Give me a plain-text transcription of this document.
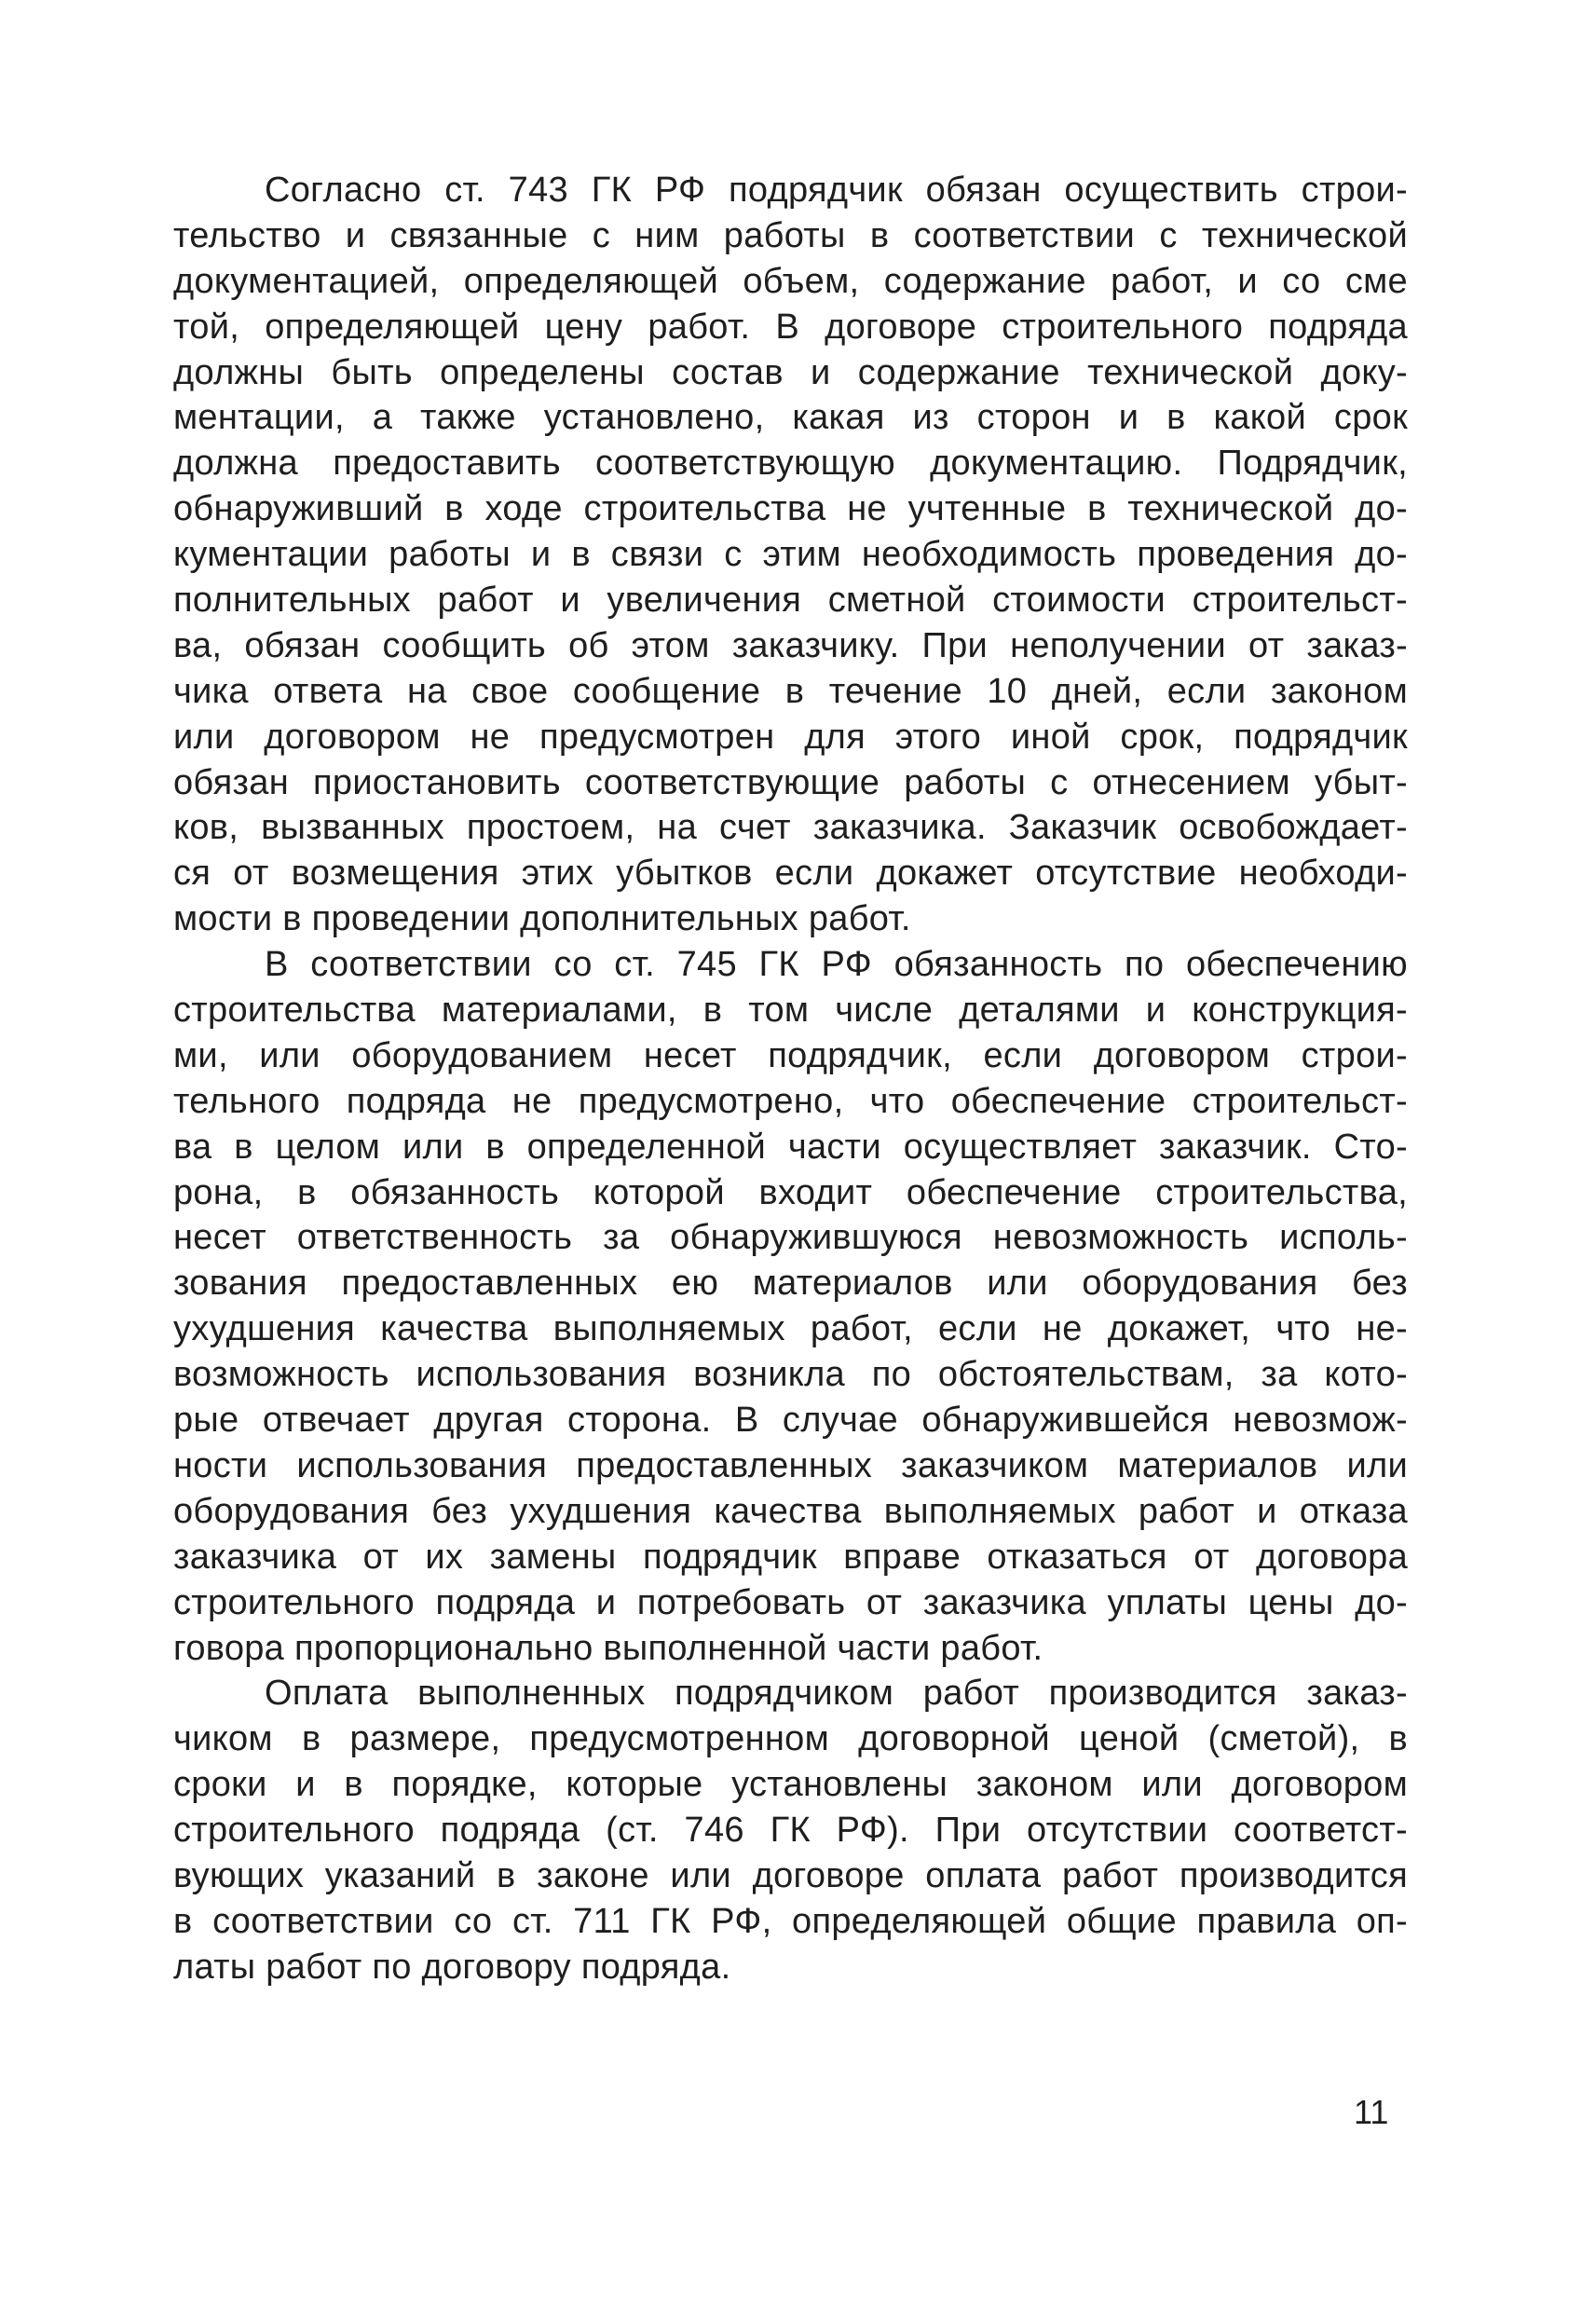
Согласно ст. 743 ГК РФ подрядчик обязан осуществить строи-
тельство и связанные с ним работы в соответствии с технической
документацией, определяющей объем, содержание работ, и со сме
той, определяющей цену работ. В договоре строительного подряда
должны быть определены состав и содержание технической доку-
ментации, а также установлено, какая из сторон и в какой срок
должна предоставить соответствующую документацию. Подрядчик,
обнаруживший в ходе строительства не учтенные в технической до-
кументации работы и в связи с этим необходимость проведения до-
полнительных работ и увеличения сметной стоимости строительст-
ва, обязан сообщить об этом заказчику. При неполучении от заказ-
чика ответа на свое сообщение в течение 10 дней, если законом
или договором не предусмотрен для этого иной срок, подрядчик
обязан приостановить соответствующие работы с отнесением убыт-
ков, вызванных простоем, на счет заказчика. Заказчик освобождает-
ся от возмещения этих убытков если докажет отсутствие необходи-
мости в проведении дополнительных работ.
В соответствии со ст. 745 ГК РФ обязанность по обеспечению
строительства материалами, в том числе деталями и конструкция-
ми, или оборудованием несет подрядчик, если договором строи-
тельного подряда не предусмотрено, что обеспечение строительст-
ва в целом или в определенной части осуществляет заказчик. Сто-
рона, в обязанность которой входит обеспечение строительства,
несет ответственность за обнаружившуюся невозможность исполь-
зования предоставленных ею материалов или оборудования без
ухудшения качества выполняемых работ, если не докажет, что не-
возможность использования возникла по обстоятельствам, за кото-
рые отвечает другая сторона. В случае обнаружившейся невозмож-
ности использования предоставленных заказчиком материалов или
оборудования без ухудшения качества выполняемых работ и отказа
заказчика от их замены подрядчик вправе отказаться от договора
строительного подряда и потребовать от заказчика уплаты цены до-
говора пропорционально выполненной части работ.
Оплата выполненных подрядчиком работ производится заказ-
чиком в размере, предусмотренном договорной ценой (сметой), в
сроки и в порядке, которые установлены законом или договором
строительного подряда (ст. 746 ГК РФ). При отсутствии соответст-
вующих указаний в законе или договоре оплата работ производится
в соответствии со ст. 711 ГК РФ, определяющей общие правила оп-
латы работ по договору подряда.
11
